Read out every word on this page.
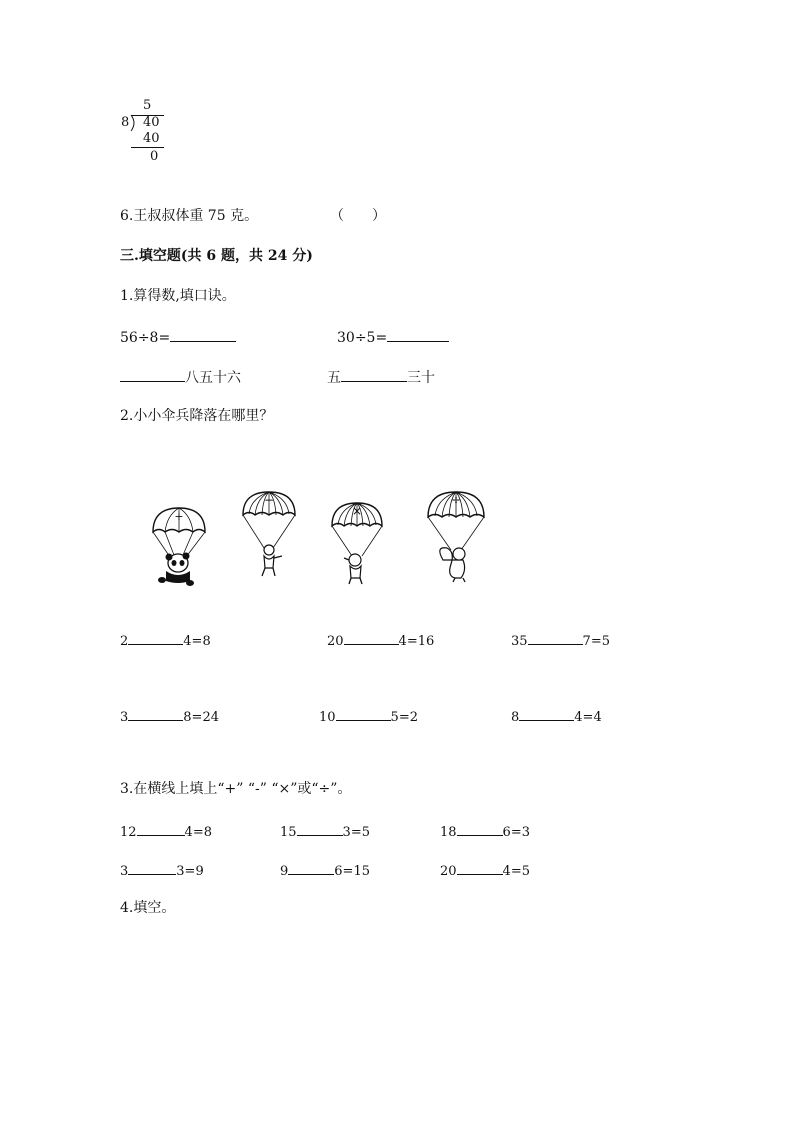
5
8 40
40
0
6.王叔叔体重 75 克。	（　　）
三.填空题(共 6 题，共 24 分)
1.算得数,填口诀。
56÷8=	30÷5=
八五十六	五	三十
2.小小伞兵降落在哪里？
+
−
×
÷
2	4=8	20	4=16	35	7=5
3	8=24	10	5=2	8	4=4
3.在横线上填上“+” “-” “×”或“÷”。
12	4=8	15	3=5	18	6=3
3	3=9	9	6=15	20	4=5
4.填空。
